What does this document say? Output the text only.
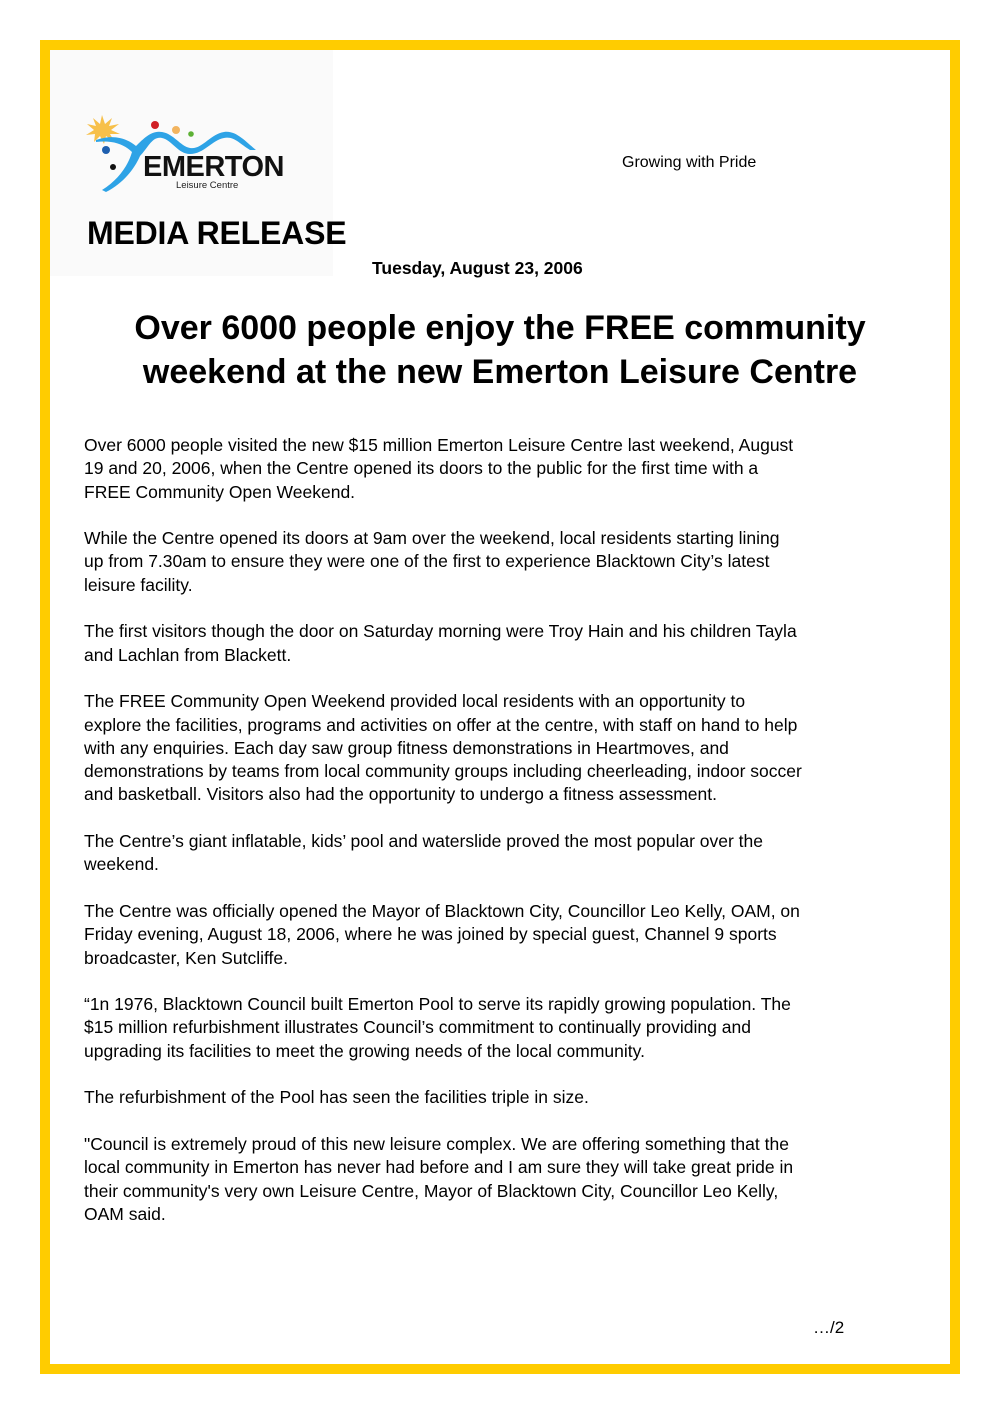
EMERTON
Leisure Centre
Growing with Pride
MEDIA RELEASE
Tuesday, August 23, 2006
Over 6000 people enjoy the FREE community
weekend at the new Emerton Leisure Centre
Over 6000 people visited the new $15 million Emerton Leisure Centre last weekend, August
19 and 20, 2006, when the Centre opened its doors to the public for the first time with a
FREE Community Open Weekend.
While the Centre opened its doors at 9am over the weekend, local residents starting lining
up from 7.30am to ensure they were one of the first to experience Blacktown City’s latest
leisure facility.
The first visitors though the door on Saturday morning were Troy Hain and his children Tayla
and Lachlan from Blackett.
The FREE Community Open Weekend provided local residents with an opportunity to
explore the facilities, programs and activities on offer at the centre, with staff on hand to help
with any enquiries. Each day saw group fitness demonstrations in Heartmoves, and
demonstrations by teams from local community groups including cheerleading, indoor soccer
and basketball. Visitors also had the opportunity to undergo a fitness assessment.
The Centre’s giant inflatable, kids’ pool and waterslide proved the most popular over the
weekend.
The Centre was officially opened the Mayor of Blacktown City, Councillor Leo Kelly, OAM, on
Friday evening, August 18, 2006, where he was joined by special guest, Channel 9 sports
broadcaster, Ken Sutcliffe.
“1n 1976, Blacktown Council built Emerton Pool to serve its rapidly growing population. The
$15 million refurbishment illustrates Council’s commitment to continually providing and
upgrading its facilities to meet the growing needs of the local community.
The refurbishment of the Pool has seen the facilities triple in size.
"Council is extremely proud of this new leisure complex. We are offering something that the
local community in Emerton has never had before and I am sure they will take great pride in
their community's very own Leisure Centre, Mayor of Blacktown City, Councillor Leo Kelly,
OAM said.
…/2
